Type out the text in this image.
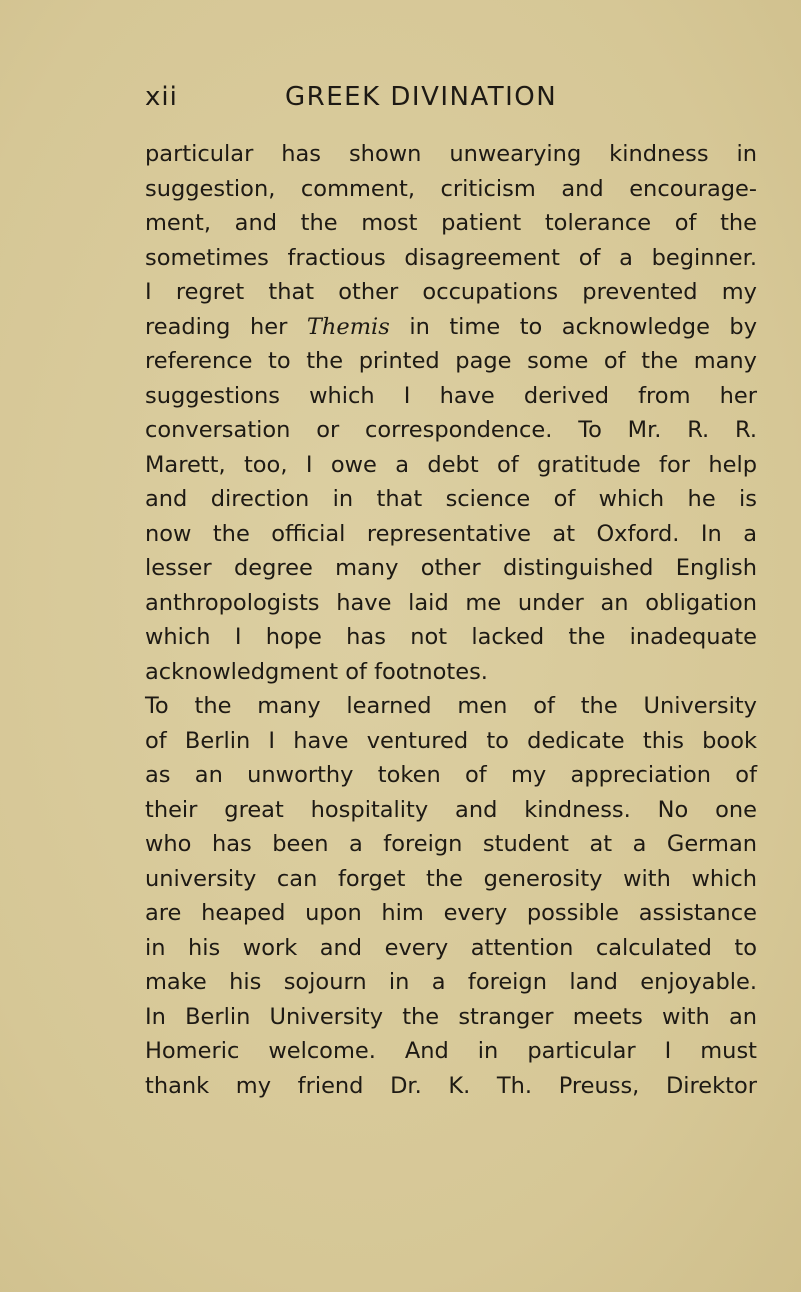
xii	GREEK DIVINATION
particular has shown unwearying kindness in
suggestion, comment, criticism and encourage-
ment, and the most patient tolerance of the
sometimes fractious disagreement of a beginner.
I regret that other occupations prevented my
reading her Themis in time to acknowledge by
reference to the printed page some of the many
suggestions which I have derived from her
conversation or correspondence. To Mr. R. R.
Marett, too, I owe a debt of gratitude for help
and direction in that science of which he is
now the official representative at Oxford. In a
lesser degree many other distinguished English
anthropologists have laid me under an obligation
which I hope has not lacked the inadequate
acknowledgment of footnotes.
To the many learned men of the University
of Berlin I have ventured to dedicate this book
as an unworthy token of my appreciation of
their great hospitality and kindness. No one
who has been a foreign student at a German
university can forget the generosity with which
are heaped upon him every possible assistance
in his work and every attention calculated to
make his sojourn in a foreign land enjoyable.
In Berlin University the stranger meets with an
Homeric welcome. And in particular I must
thank my friend Dr. K. Th. Preuss, Direktor
